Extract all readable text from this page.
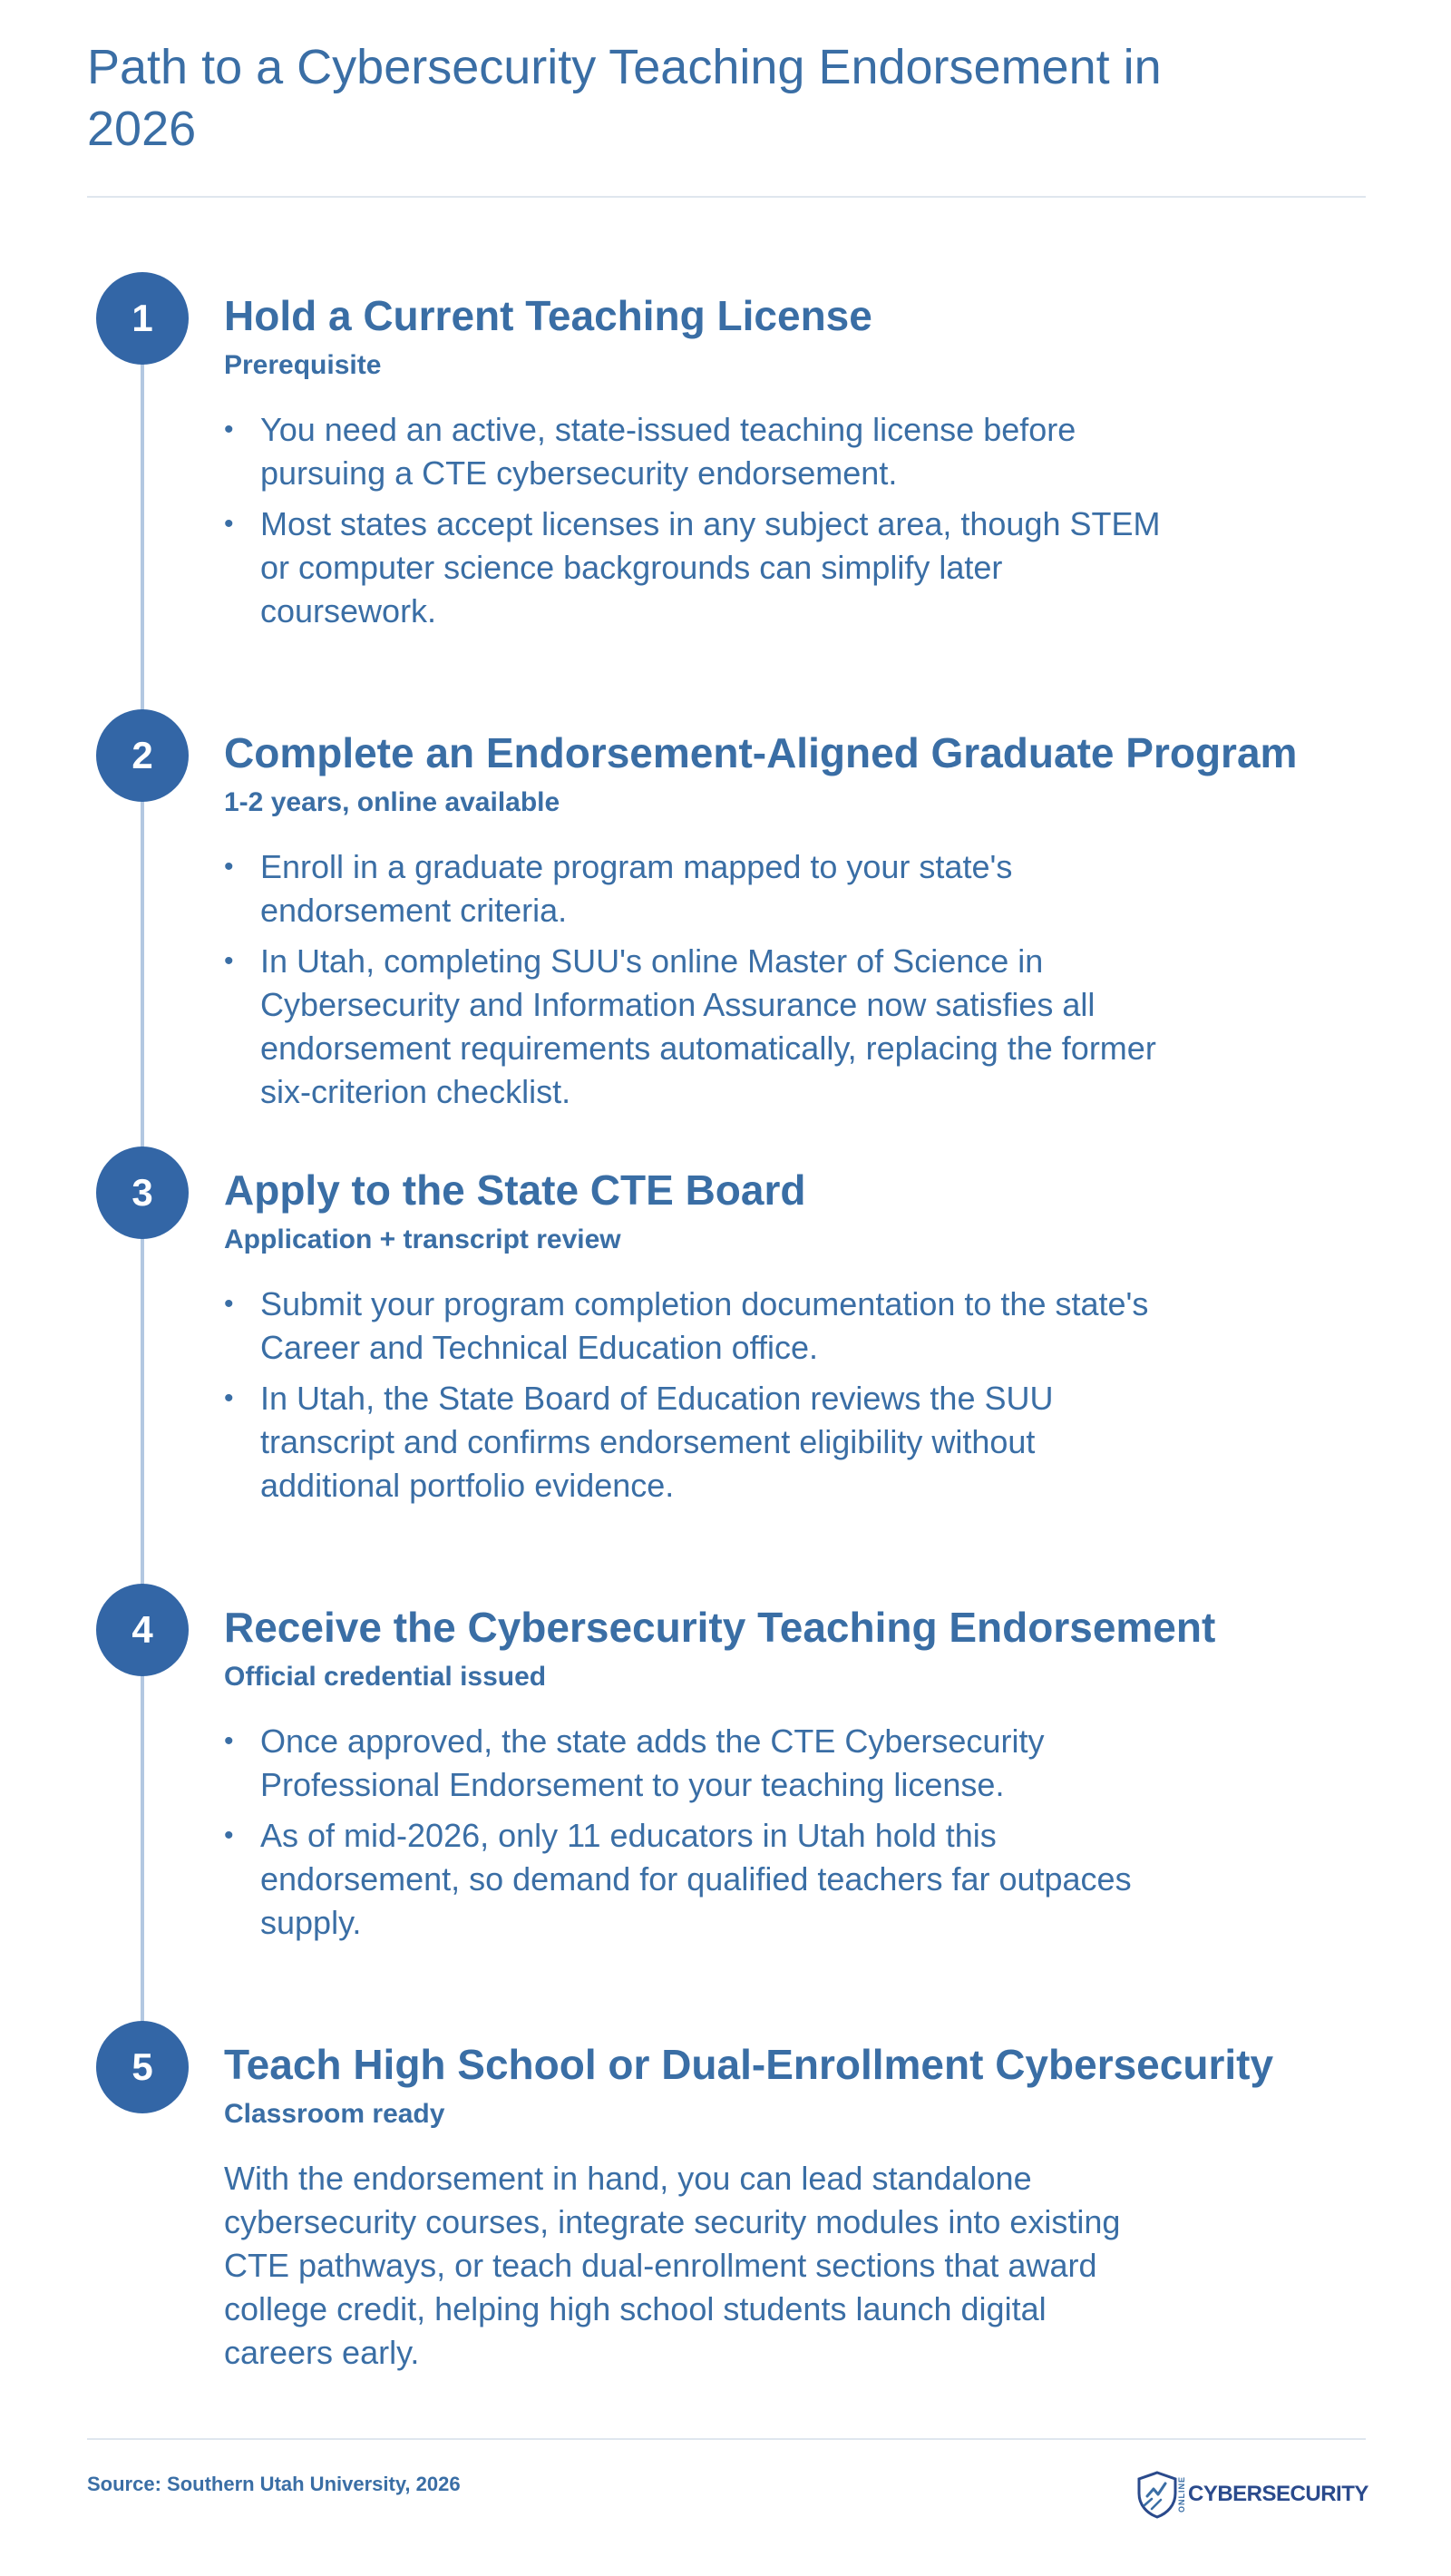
Path to a Cybersecurity Teaching Endorsement in 2026
1	Hold a Current Teaching License
Prerequisite
• You need an active, state-issued teaching license before pursuing a CTE cybersecurity endorsement.
• Most states accept licenses in any subject area, though STEM or computer science backgrounds can simplify later coursework.
2	Complete an Endorsement-Aligned Graduate Program
1-2 years, online available
• Enroll in a graduate program mapped to your state's endorsement criteria.
• In Utah, completing SUU's online Master of Science in Cybersecurity and Information Assurance now satisfies all endorsement requirements automatically, replacing the former six-criterion checklist.
3	Apply to the State CTE Board
Application + transcript review
• Submit your program completion documentation to the state's Career and Technical Education office.
• In Utah, the State Board of Education reviews the SUU transcript and confirms endorsement eligibility without additional portfolio evidence.
4	Receive the Cybersecurity Teaching Endorsement
Official credential issued
• Once approved, the state adds the CTE Cybersecurity Professional Endorsement to your teaching license.
• As of mid-2026, only 11 educators in Utah hold this endorsement, so demand for qualified teachers far outpaces supply.
5	Teach High School or Dual-Enrollment Cybersecurity
Classroom ready

With the endorsement in hand, you can lead standalone cybersecurity courses, integrate security modules into existing CTE pathways, or teach dual-enrollment sections that award college credit, helping high school students launch digital careers early.

Source: Southern Utah University, 2026	ONLINE CYBERSECURITY
